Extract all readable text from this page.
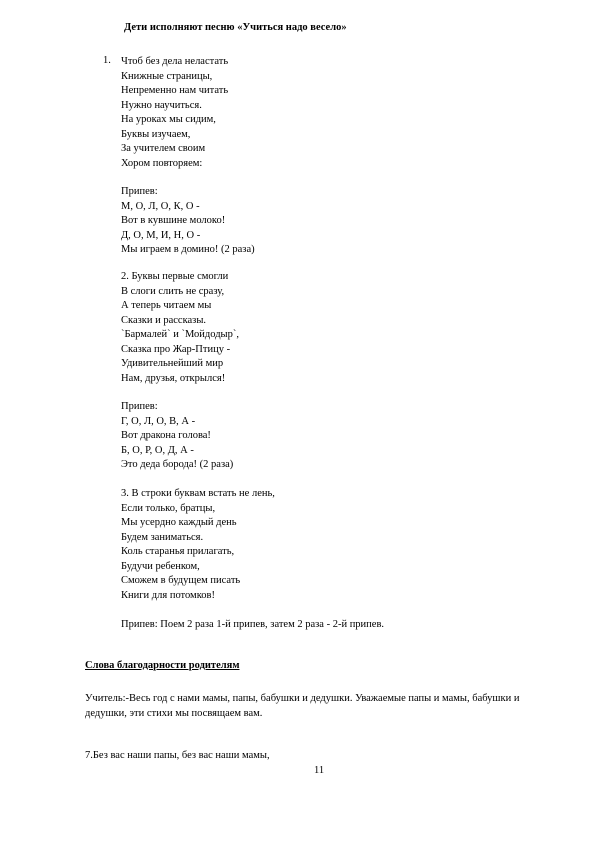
Дети исполняют песню «Учиться надо весело»
1. Чтоб без дела неластать
Книжные страницы,
Непременно нам читать
Нужно научиться.
На уроках мы сидим,
Буквы изучаем,
За учителем своим
Хором повторяем:
Припев:
М, О, Л, О, К, О -
Вот в кувшине молоко!
Д, О, М, И, Н, О -
Мы играем в домино! (2 раза)
2. Буквы первые смогли
В слоги слить не сразу,
А теперь читаем мы
Сказки и рассказы.
`Бармалей` и `Мойдодыр`,
Сказка про Жар-Птицу -
Удивительнейший мир
Нам, друзья, открылся!
Припев:
Г, О, Л, О, В, А -
Вот дракона голова!
Б, О, Р, О, Д, А -
Это деда борода! (2 раза)
3. В строки буквам встать не лень,
Если только, братцы,
Мы усердно каждый день
Будем заниматься.
Коль старанья прилагать,
Будучи ребенком,
Сможем в будущем писать
Книги для потомков!
Припев: Поем 2 раза 1-й припев, затем 2 раза - 2-й припев.
Слова благодарности родителям
Учитель:-Весь год с нами мамы, папы, бабушки и дедушки. Уважаемые папы и мамы, бабушки и дедушки, эти стихи мы посвящаем вам.
7.Без вас наши папы, без вас наши мамы,
11
